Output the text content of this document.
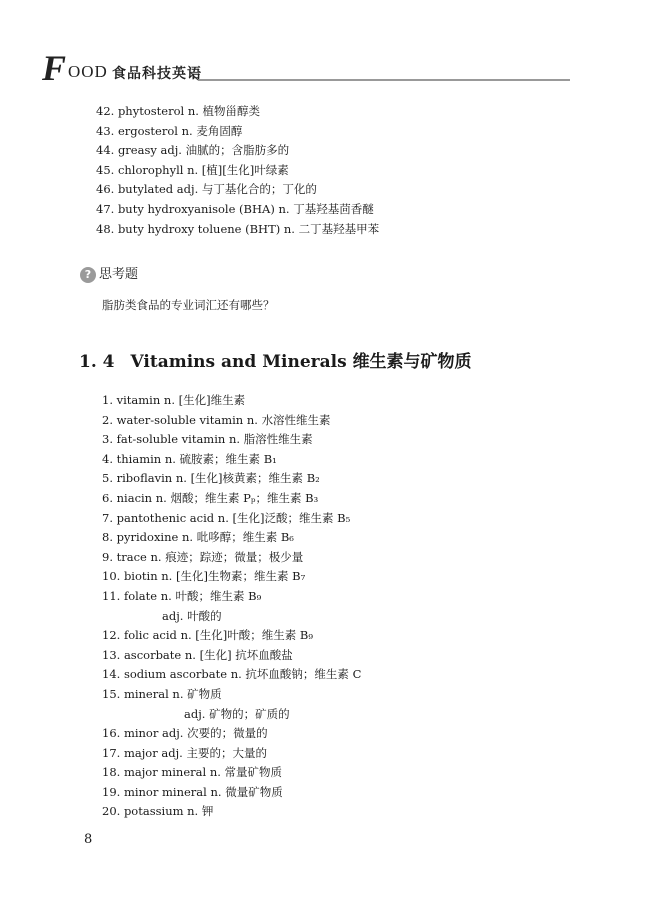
F OOD 食品科技英语
42. phytosterol n. 植物甾醇类
43. ergosterol n. 麦角固醇
44. greasy adj. 油腻的；含脂肪多的
45. chlorophyll n. [植][生化]叶绿素
46. butylated adj. 与丁基化合的；丁化的
47. buty hydroxyanisole (BHA) n. 丁基羟基茴香醚
48. buty hydroxy toluene (BHT) n. 二丁基羟基甲苯
? 思考题
脂肪类食品的专业词汇还有哪些？
1. 4 Vitamins and Minerals 维生素与矿物质
1. vitamin n. [生化]维生素
2. water-soluble vitamin n. 水溶性维生素
3. fat-soluble vitamin n. 脂溶性维生素
4. thiamin n. 硫胺素；维生素 B₁
5. riboflavin n. [生化]核黄素；维生素 B₂
6. niacin n. 烟酸；维生素 Pₚ；维生素 B₃
7. pantothenic acid n. [生化]泛酸；维生素 B₅
8. pyridoxine n. 吡哆醇；维生素 B₆
9. trace n. 痕迹；踪迹；微量；极少量
10. biotin n. [生化]生物素；维生素 B₇
11. folate n. 叶酸；维生素 B₉
adj. 叶酸的
12. folic acid n. [生化]叶酸；维生素 B₉
13. ascorbate n. [生化] 抗坏血酸盐
14. sodium ascorbate n. 抗坏血酸钠；维生素 C
15. mineral n. 矿物质
adj. 矿物的；矿质的
16. minor adj. 次要的；微量的
17. major adj. 主要的；大量的
18. major mineral n. 常量矿物质
19. minor mineral n. 微量矿物质
20. potassium n. 钾
8
